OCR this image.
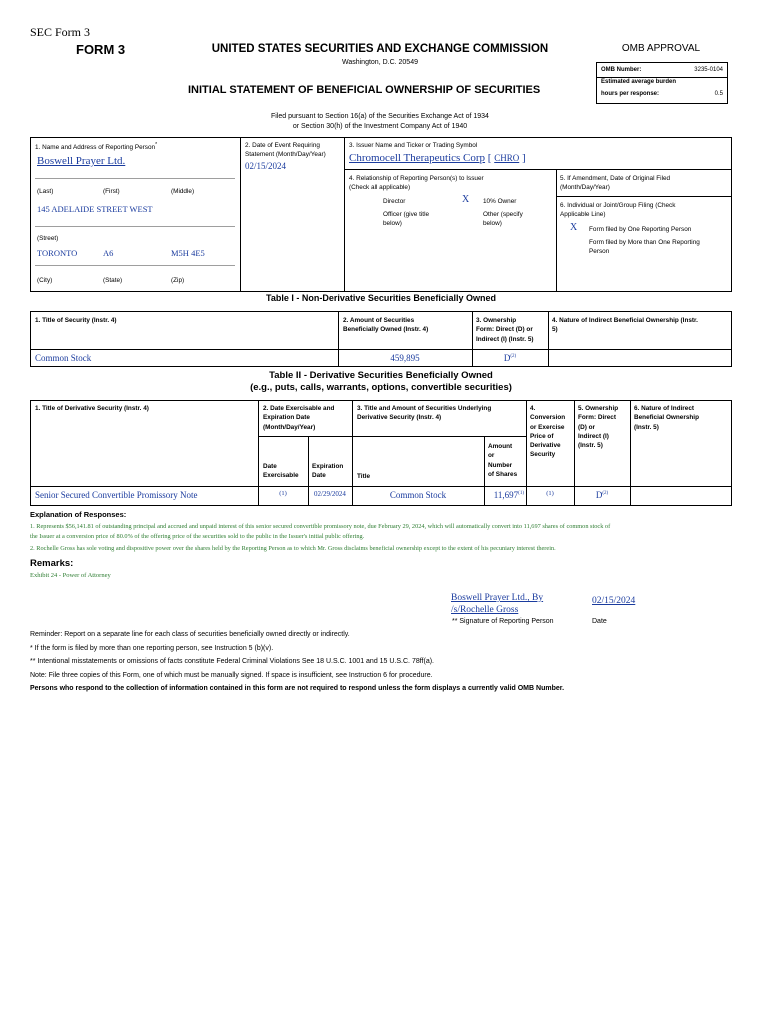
SEC Form 3
FORM 3	UNITED STATES SECURITIES AND EXCHANGE COMMISSION
Washington, D.C. 20549
INITIAL STATEMENT OF BENEFICIAL OWNERSHIP OF SECURITIES
Filed pursuant to Section 16(a) of the Securities Exchange Act of 1934
or Section 30(h) of the Investment Company Act of 1940
OMB APPROVAL
OMB Number:	3235-0104
Estimated average burden
hours per response:	0.5
1. Name and Address of Reporting Person*
Boswell Prayer Ltd.
(Last)	(First)	(Middle)
145 ADELAIDE STREET WEST
(Street)
TORONTO	A6	M5H 4E5
(City)	(State)	(Zip)
2. Date of Event Requiring
Statement (Month/Day/Year)
02/15/2024
3. Issuer Name and Ticker or Trading Symbol
Chromocell Therapeutics Corp [ CHRO ]
4. Relationship of Reporting Person(s) to Issuer
(Check all applicable)
Director	X 10% Owner
Officer (give title
below)
Other (specify
below)
5. If Amendment, Date of Original Filed
(Month/Day/Year)
6. Individual or Joint/Group Filing (Check
Applicable Line)
X Form filed by One Reporting Person
Form filed by More than One Reporting
Person
Table I - Non-Derivative Securities Beneficially Owned
1. Title of Security (Instr. 4)	2. Amount of Securities
Beneficially Owned (Instr. 4)
3. Ownership
Form: Direct (D) or
Indirect (I) (Instr. 5)
4. Nature of Indirect Beneficial Ownership (Instr.
5)
Common Stock	459,895	$D^{(2)}$
Table II - Derivative Securities Beneficially Owned
(e.g., puts, calls, warrants, options, convertible securities)
1. Title of Derivative Security (Instr. 4)	2. Date Exercisable and
Expiration Date
(Month/Day/Year)
Date
Exercisable
Expiration
Date
3. Title and Amount of Securities Underlying
Derivative Security (Instr. 4)
Title
Amount
or
Number
of Shares
4.
Conversion
or Exercise
Price of
Derivative
Security
5. Ownership
Form: Direct
(D) or
Indirect (I)
(Instr. 5)
6. Nature of Indirect
Beneficial Ownership
(Instr. 5)
Senior Secured Convertible Promissory Note	(1)	02/29/2024	Common Stock	11,697$^{(1)}$	(1)	$D^{(2)}$
Explanation of Responses:
1. Represents $56,141.81 of outstanding principal and accrued and unpaid interest of this senior secured convertible promissory note, due February 29, 2024, which will automatically convert into 11,697 shares of common stock of
the Issuer at a conversion price of 80.0% of the offering price of the securities sold to the public in the Issuer's initial public offering.
2. Rochelle Gross has sole voting and dispositive power over the shares held by the Reporting Person as to which Mr. Gross disclaims beneficial ownership except to the extent of his pecuniary interest therein.
Remarks:
Exhibit 24 - Power of Attorney
Boswell Prayer Ltd., By
/s/Rochelle Gross
02/15/2024
** Signature of Reporting Person	Date
Reminder: Report on a separate line for each class of securities beneficially owned directly or indirectly.
* If the form is filed by more than one reporting person, see Instruction 5 (b)(v).
** Intentional misstatements or omissions of facts constitute Federal Criminal Violations See 18 U.S.C. 1001 and 15 U.S.C. 78ff(a).
Note: File three copies of this Form, one of which must be manually signed. If space is insufficient, see Instruction 6 for procedure.
Persons who respond to the collection of information contained in this form are not required to respond unless the form displays a currently valid OMB Number.
